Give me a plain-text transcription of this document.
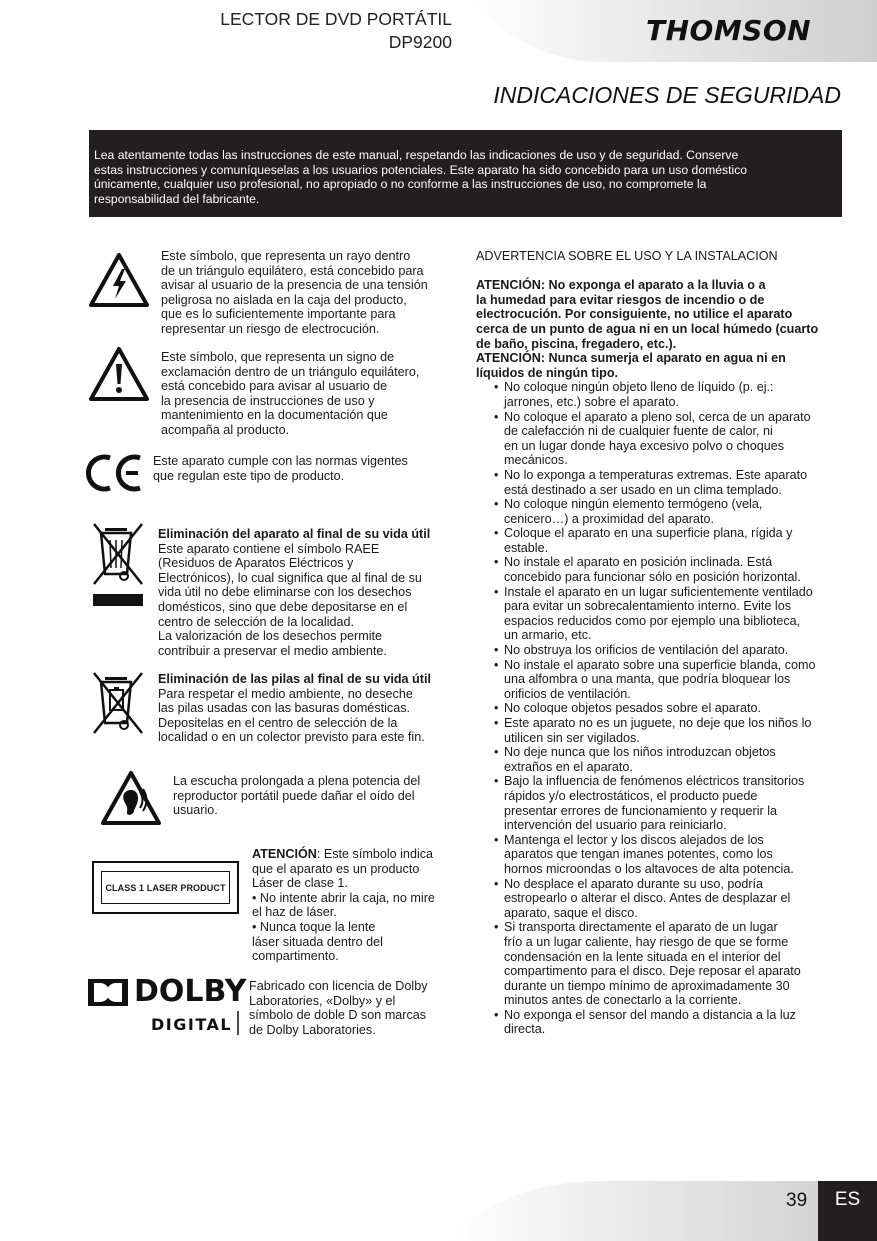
LECTOR DE DVD PORTÁTIL
DP9200	THOMSON
INDICACIONES DE SEGURIDAD
Lea atentamente todas las instrucciones de este manual, respetando las indicaciones de uso y de seguridad. Conserve
estas instrucciones y comuníqueselas a los usuarios potenciales. Este aparato ha sido concebido para un uso doméstico
únicamente, cualquier uso profesional, no apropiado o no conforme a las instrucciones de uso, no compromete la
responsabilidad del fabricante.
Este símbolo, que representa un rayo dentro
de un triángulo equilátero, está concebido para
avisar al usuario de la presencia de una tensión
peligrosa no aislada en la caja del producto,
que es lo suficientemente importante para
representar un riesgo de electrocución.
Este símbolo, que representa un signo de
exclamación dentro de un triángulo equilátero,
está concebido para avisar al usuario de
la presencia de instrucciones de uso y
mantenimiento en la documentación que
acompaña al producto.
Este aparato cumple con las normas vigentes
que regulan este tipo de producto.
Eliminación del aparato al final de su vida útil
Este aparato contiene el símbolo RAEE
(Residuos de Aparatos Eléctricos y
Electrónicos), lo cual significa que al final de su
vida útil no debe eliminarse con los desechos
domésticos, sino que debe depositarse en el
centro de selección de la localidad.
La valorización de los desechos permite
contribuir a preservar el medio ambiente.
Eliminación de las pilas al final de su vida útil
Para respetar el medio ambiente, no deseche
las pilas usadas con las basuras domésticas.
Depositelas en el centro de selección de la
localidad o en un colector previsto para este fin.
La escucha prolongada a plena potencia del
reproductor portátil puede dañar el oído del
usuario.
CLASS 1 LASER PRODUCT
ATENCIÓN: Este símbolo indica
que el aparato es un producto
Láser de clase 1.
• No intente abrir la caja, no mire
el haz de láser.
• Nunca toque la lente
láser situada dentro del
compartimento.
DOLBY
DIGITAL
Fabricado con licencia de Dolby
Laboratories, «Dolby» y el
símbolo de doble D son marcas
de Dolby Laboratories.
ADVERTENCIA SOBRE EL USO Y LA INSTALACION
ATENCIÓN: No exponga el aparato a la lluvia o a
la humedad para evitar riesgos de incendio o de
electrocución. Por consiguiente, no utilice el aparato
cerca de un punto de agua ni en un local húmedo (cuarto
de baño, piscina, fregadero, etc.).
ATENCIÓN: Nunca sumerja el aparato en agua ni en
líquidos de ningún tipo.
• No coloque ningún objeto lleno de líquido (p. ej.:
jarrones, etc.) sobre el aparato.
• No coloque el aparato a pleno sol, cerca de un aparato
de calefacción ni de cualquier fuente de calor, ni
en un lugar donde haya excesivo polvo o choques
mecánicos.
• No lo exponga a temperaturas extremas. Este aparato
está destinado a ser usado en un clima templado.
• No coloque ningún elemento termógeno (vela,
cenicero…) a proximidad del aparato.
• Coloque el aparato en una superficie plana, rígida y
estable.
• No instale el aparato en posición inclinada. Está
concebido para funcionar sólo en posición horizontal.
• Instale el aparato en un lugar suficientemente ventilado
para evitar un sobrecalentamiento interno. Evite los
espacios reducidos como por ejemplo una biblioteca,
un armario, etc.
• No obstruya los orificios de ventilación del aparato.
• No instale el aparato sobre una superficie blanda, como
una alfombra o una manta, que podría bloquear los
orificios de ventilación.
• No coloque objetos pesados sobre el aparato.
• Este aparato no es un juguete, no deje que los niños lo
utilicen sin ser vigilados.
• No deje nunca que los niños introduzcan objetos
extraños en el aparato.
• Bajo la influencia de fenómenos eléctricos transitorios
rápidos y/o electrostáticos, el producto puede
presentar errores de funcionamiento y requerir la
intervención del usuario para reiniciarlo.
• Mantenga el lector y los discos alejados de los
aparatos que tengan imanes potentes, como los
hornos microondas o los altavoces de alta potencia.
• No desplace el aparato durante su uso, podría
estropearlo o alterar el disco. Antes de desplazar el
aparato, saque el disco.
• Si transporta directamente el aparato de un lugar
frío a un lugar caliente, hay riesgo de que se forme
condensación en la lente situada en el interior del
compartimento para el disco. Deje reposar el aparato
durante un tiempo mínimo de aproximadamente 30
minutos antes de conectarlo a la corriente.
• No exponga el sensor del mando a distancia a la luz
directa.
39	ES
